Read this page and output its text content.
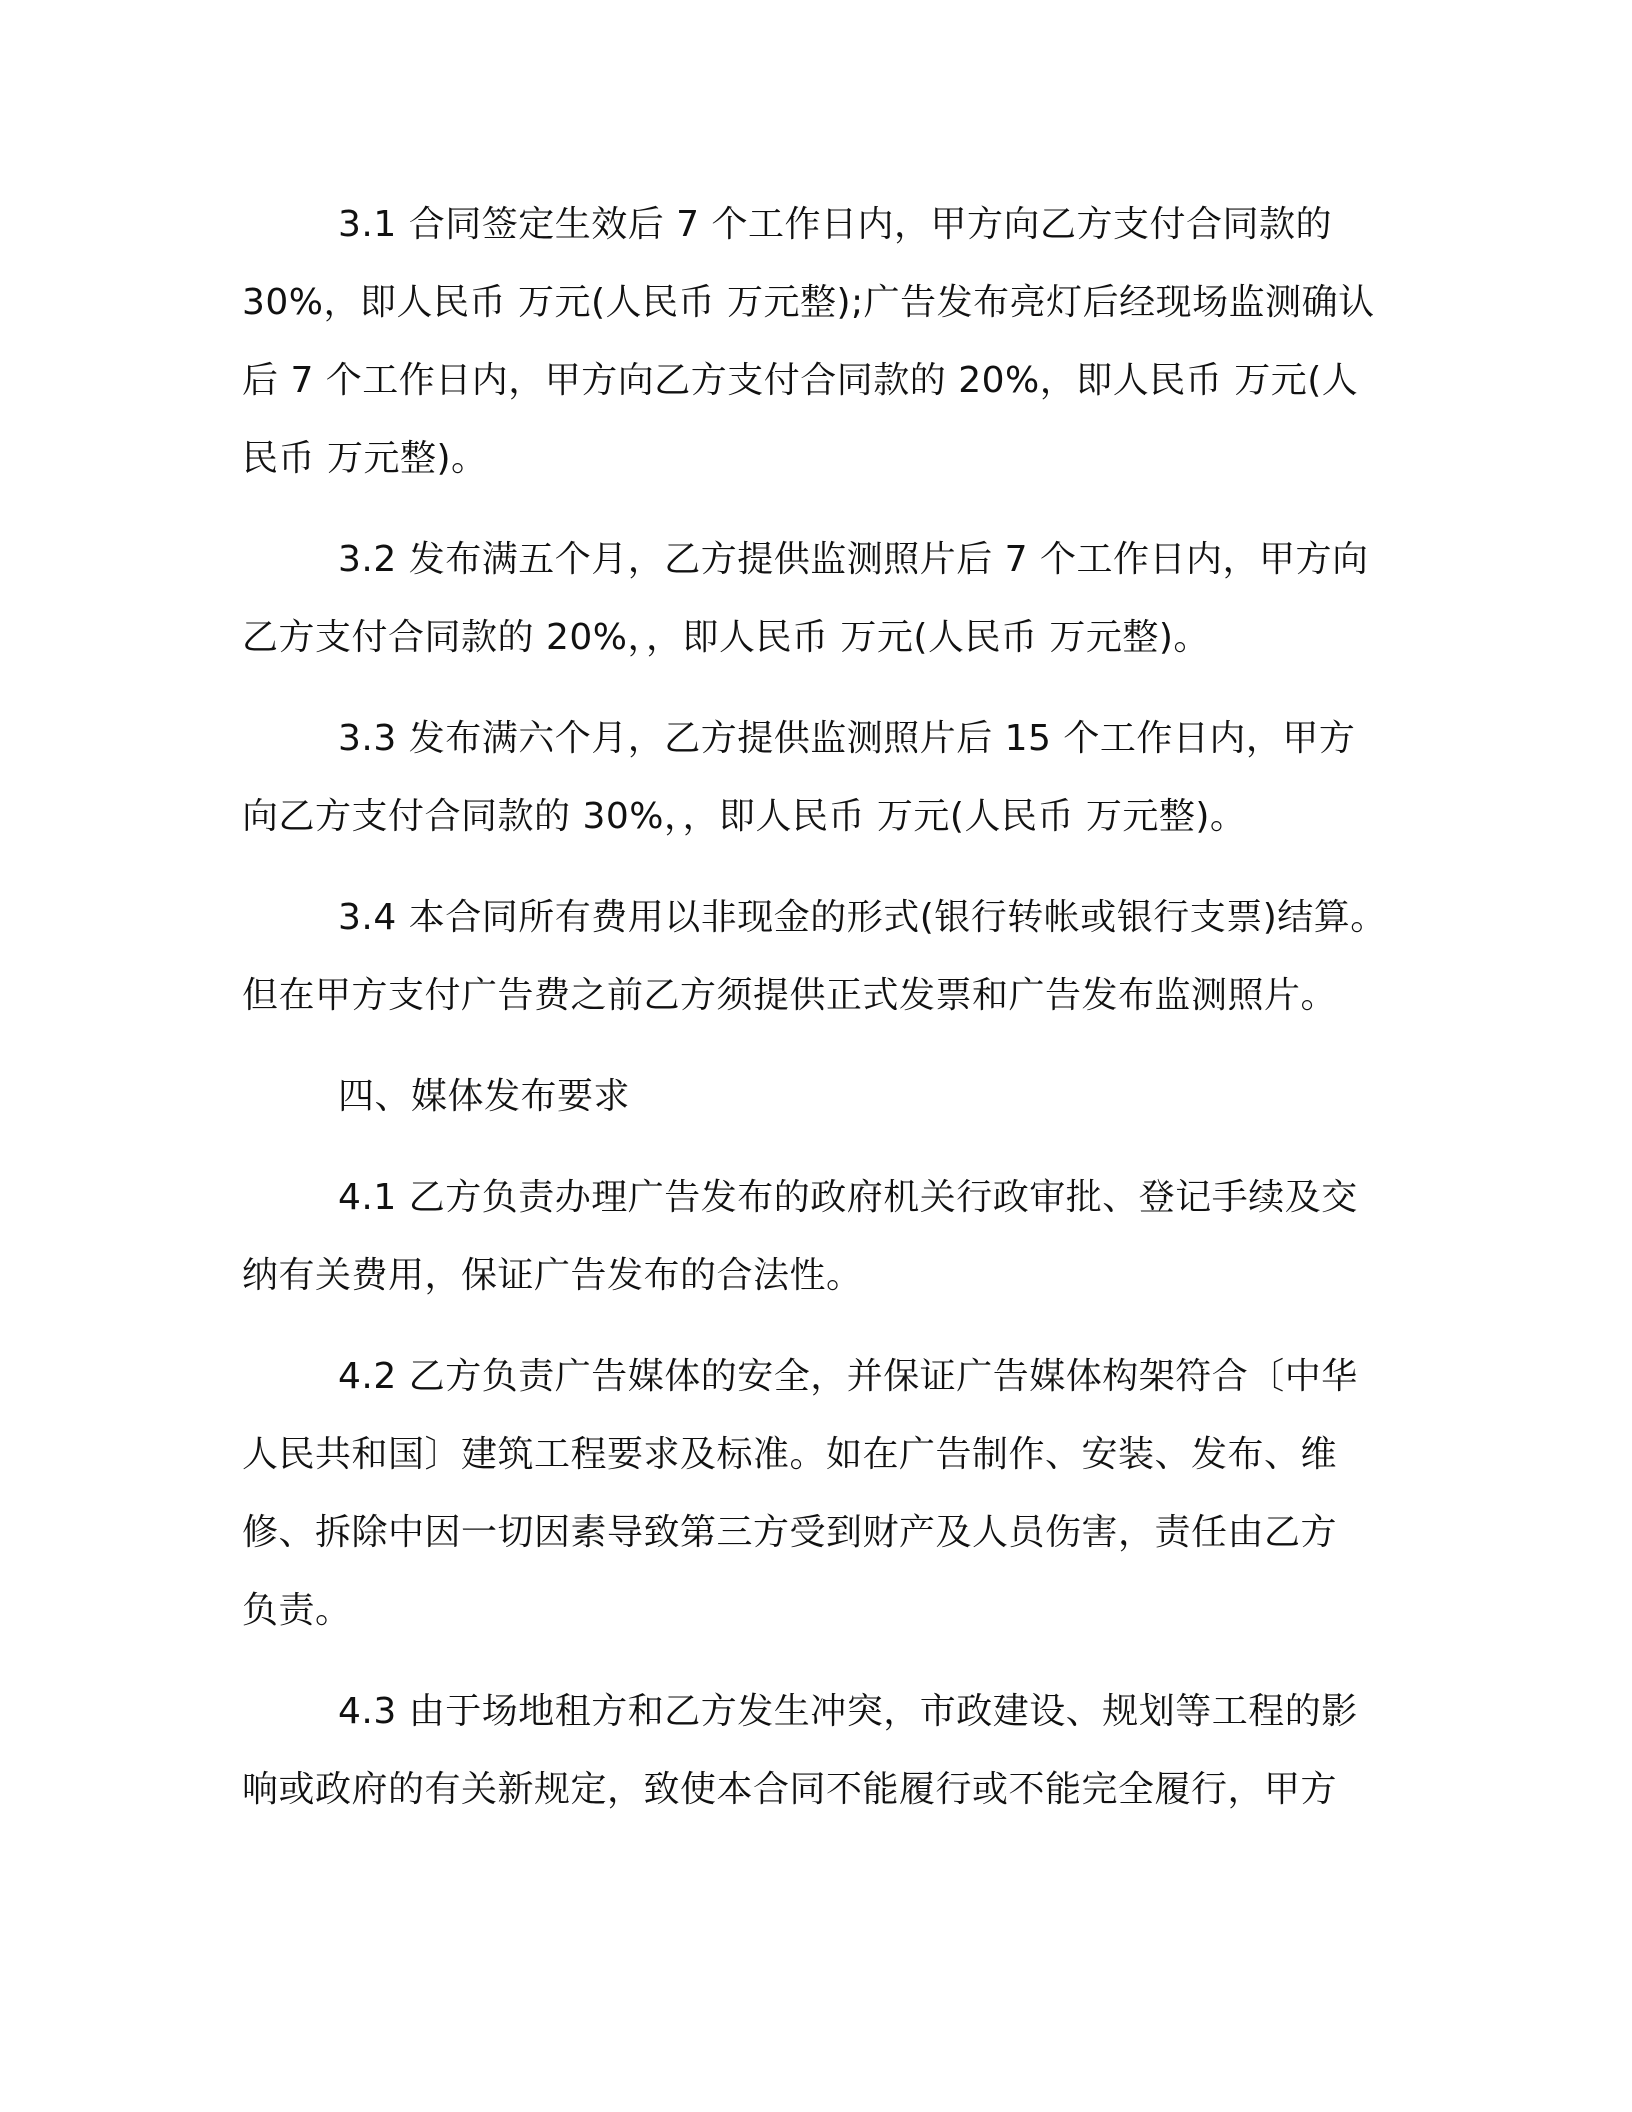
3.1 合同签定生效后 7 个工作日内，甲方向乙方支付合同款的
30%，即人民币 万元(人民币 万元整);广告发布亮灯后经现场监测确认
后 7 个工作日内，甲方向乙方支付合同款的 20%，即人民币 万元(人
民币 万元整)。

3.2 发布满五个月，乙方提供监测照片后 7 个工作日内，甲方向
乙方支付合同款的 20%，，即人民币 万元(人民币 万元整)。

3.3 发布满六个月，乙方提供监测照片后 15 个工作日内，甲方
向乙方支付合同款的 30%，，即人民币 万元(人民币 万元整)。

3.4 本合同所有费用以非现金的形式(银行转帐或银行支票)结算。
但在甲方支付广告费之前乙方须提供正式发票和广告发布监测照片。

四、媒体发布要求

4.1 乙方负责办理广告发布的政府机关行政审批、登记手续及交
纳有关费用，保证广告发布的合法性。

4.2 乙方负责广告媒体的安全，并保证广告媒体构架符合〔中华
人民共和国〕建筑工程要求及标准。如在广告制作、安装、发布、维
修、拆除中因一切因素导致第三方受到财产及人员伤害，责任由乙方
负责。

4.3 由于场地租方和乙方发生冲突，市政建设、规划等工程的影
响或政府的有关新规定，致使本合同不能履行或不能完全履行，甲方
